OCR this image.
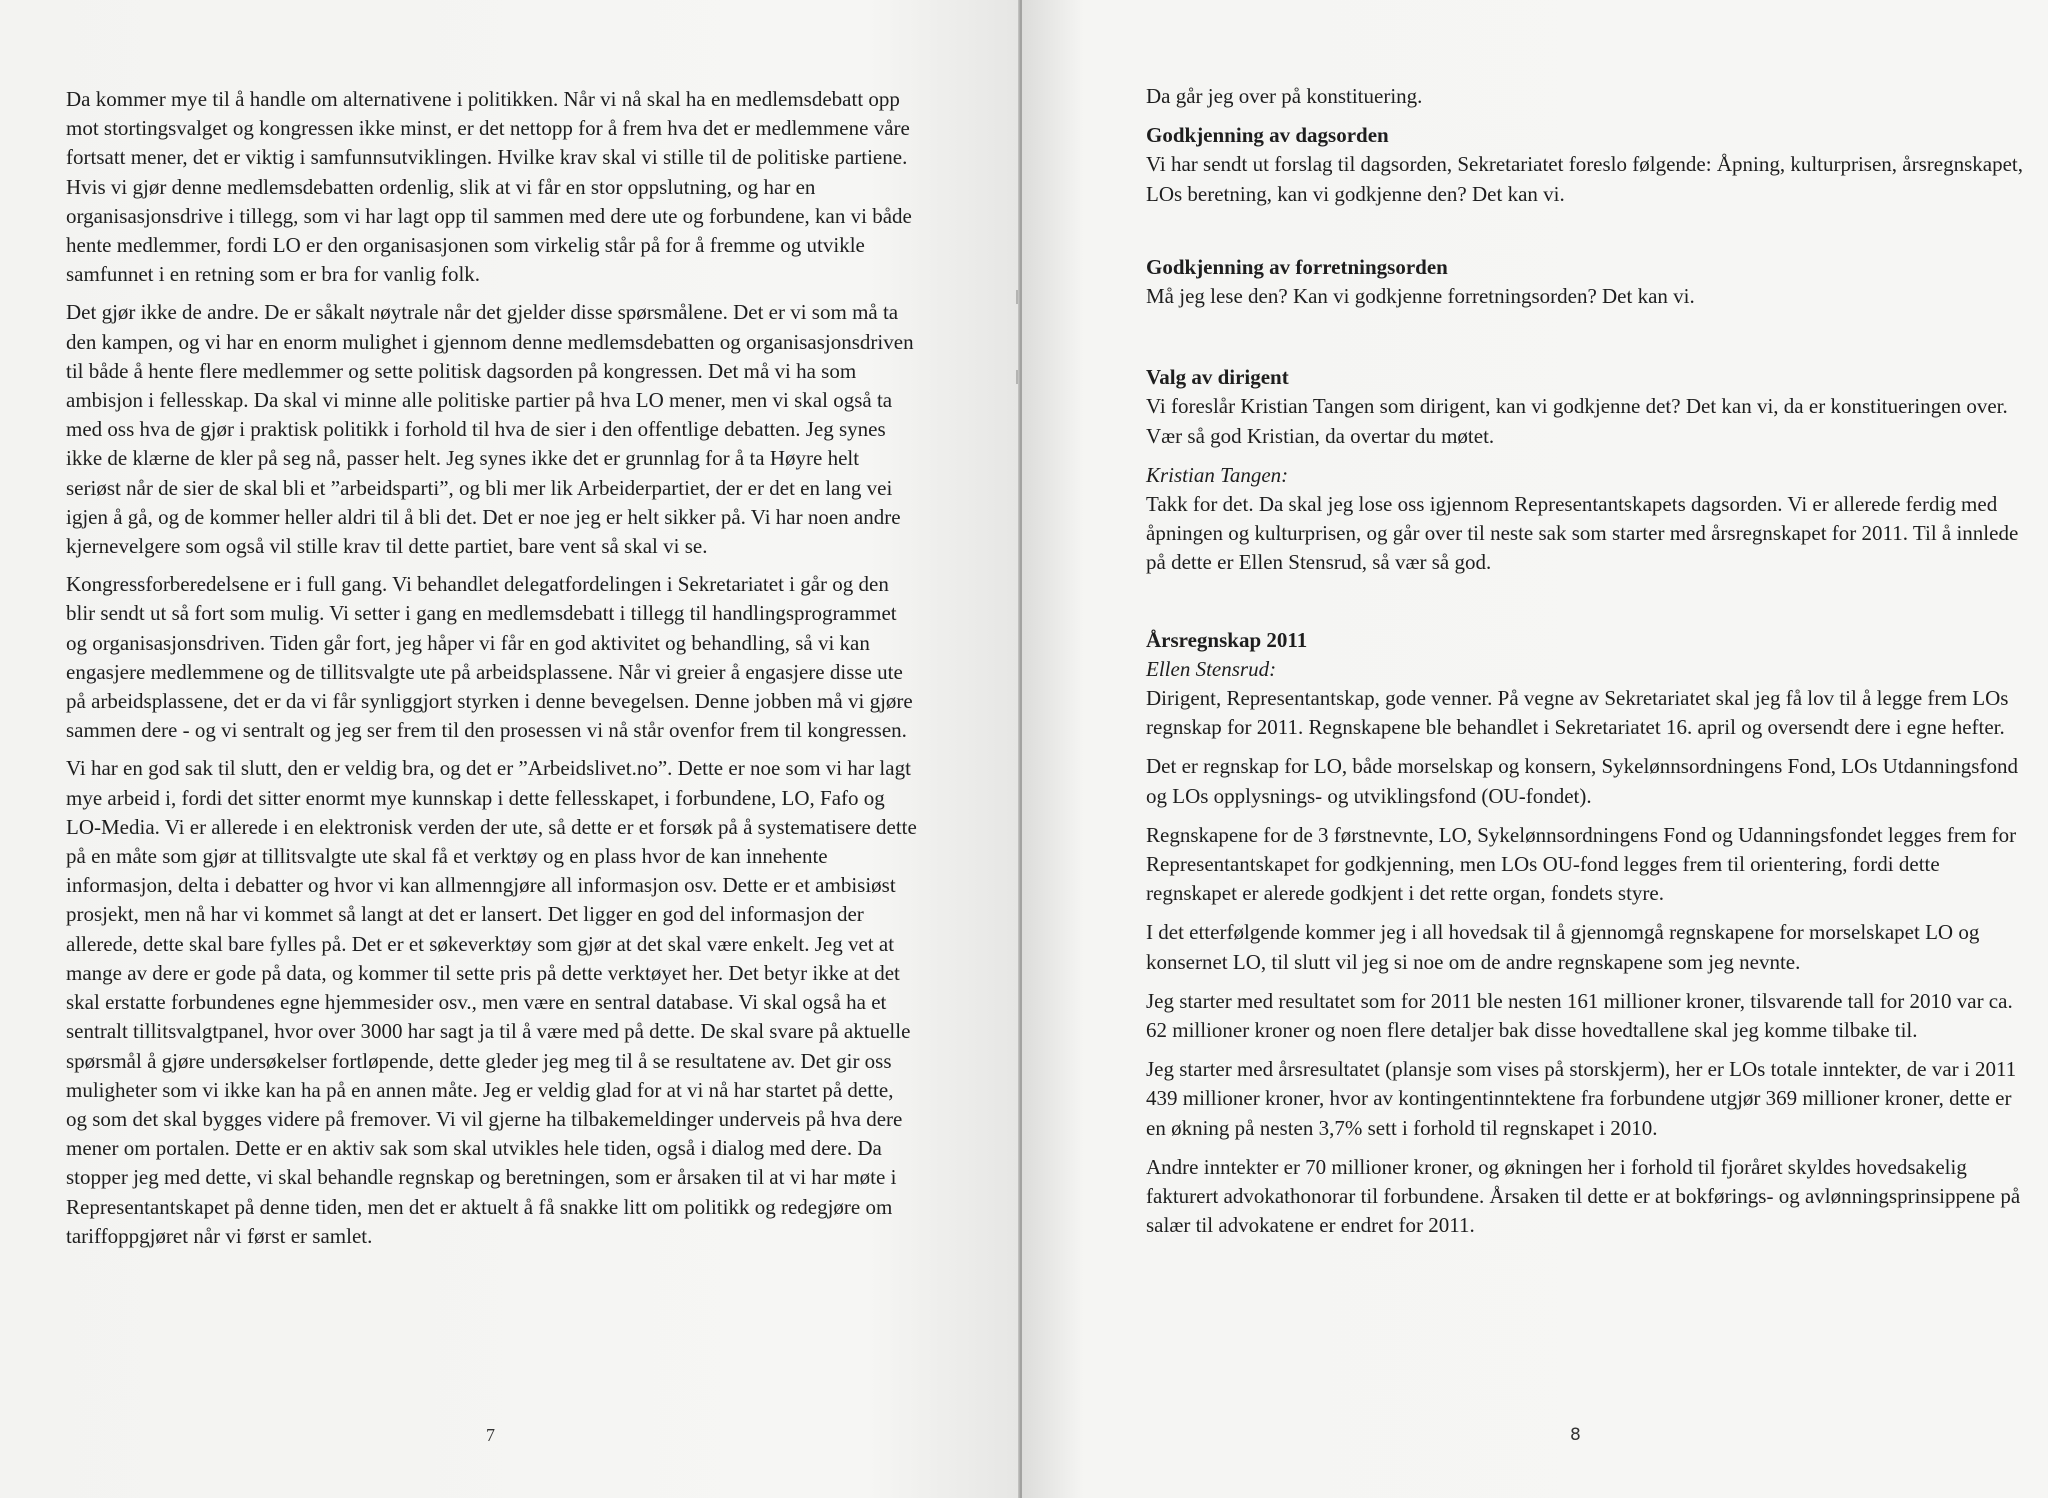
Da kommer mye til å handle om alternativene i politikken. Når vi nå skal ha en medlemsdebatt opp mot stortingsvalget og kongressen ikke minst, er det nettopp for å frem hva det er medlemmene våre fortsatt mener, det er viktig i samfunnsutviklingen. Hvilke krav skal vi stille til de politiske partiene. Hvis vi gjør denne medlemsdebatten ordenlig, slik at vi får en stor oppslutning, og har en organisasjonsdrive i tillegg, som vi har lagt opp til sammen med dere ute og forbundene, kan vi både hente medlemmer, fordi LO er den organisasjonen som virkelig står på for å fremme og utvikle samfunnet i en retning som er bra for vanlig folk.

Det gjør ikke de andre. De er såkalt nøytrale når det gjelder disse spørsmålene. Det er vi som må ta den kampen, og vi har en enorm mulighet i gjennom denne medlemsdebatten og organisasjonsdriven til både å hente flere medlemmer og sette politisk dagsorden på kongressen. Det må vi ha som ambisjon i fellesskap. Da skal vi minne alle politiske partier på hva LO mener, men vi skal også ta med oss hva de gjør i praktisk politikk i forhold til hva de sier i den offentlige debatten. Jeg synes ikke de klærne de kler på seg nå, passer helt. Jeg synes ikke det er grunnlag for å ta Høyre helt seriøst når de sier de skal bli et ”arbeidsparti”, og bli mer lik Arbeiderpartiet, der er det en lang vei igjen å gå, og de kommer heller aldri til å bli det. Det er noe jeg er helt sikker på. Vi har noen andre kjernevelgere som også vil stille krav til dette partiet, bare vent så skal vi se.

Kongressforberedelsene er i full gang. Vi behandlet delegatfordelingen i Sekretariatet i går og den blir sendt ut så fort som mulig. Vi setter i gang en medlemsdebatt i tillegg til handlingsprogrammet og organisasjonsdriven. Tiden går fort, jeg håper vi får en god aktivitet og behandling, så vi kan engasjere medlemmene og de tillitsvalgte ute på arbeidsplassene. Når vi greier å engasjere disse ute på arbeidsplassene, det er da vi får synliggjort styrken i denne bevegelsen. Denne jobben må vi gjøre sammen dere - og vi sentralt og jeg ser frem til den prosessen vi nå står ovenfor frem til kongressen.

Vi har en god sak til slutt, den er veldig bra, og det er ”Arbeidslivet.no”. Dette er noe som vi har lagt mye arbeid i, fordi det sitter enormt mye kunnskap i dette fellesskapet, i forbundene, LO, Fafo og LO-Media. Vi er allerede i en elektronisk verden der ute, så dette er et forsøk på å systematisere dette på en måte som gjør at tillitsvalgte ute skal få et verktøy og en plass hvor de kan innehente informasjon, delta i debatter og hvor vi kan allmenngjøre all informasjon osv. Dette er et ambisiøst prosjekt, men nå har vi kommet så langt at det er lansert. Det ligger en god del informasjon der allerede, dette skal bare fylles på. Det er et søkeverktøy som gjør at det skal være enkelt. Jeg vet at mange av dere er gode på data, og kommer til sette pris på dette verktøyet her. Det betyr ikke at det skal erstatte forbundenes egne hjemmesider osv., men være en sentral database. Vi skal også ha et sentralt tillitsvalgtpanel, hvor over 3000 har sagt ja til å være med på dette. De skal svare på aktuelle spørsmål å gjøre undersøkelser fortløpende, dette gleder jeg meg til å se resultatene av. Det gir oss muligheter som vi ikke kan ha på en annen måte. Jeg er veldig glad for at vi nå har startet på dette, og som det skal bygges videre på fremover. Vi vil gjerne ha tilbakemeldinger underveis på hva dere mener om portalen. Dette er en aktiv sak som skal utvikles hele tiden, også i dialog med dere. Da stopper jeg med dette, vi skal behandle regnskap og beretningen, som er årsaken til at vi har møte i Representantskapet på denne tiden, men det er aktuelt å få snakke litt om politikk og redegjøre om tariffoppgjøret når vi først er samlet.

7

Da går jeg over på konstituering.

Godkjenning av dagsorden

Vi har sendt ut forslag til dagsorden, Sekretariatet foreslo følgende: Åpning, kulturprisen, årsregnskapet, LOs beretning, kan vi godkjenne den? Det kan vi.

Godkjenning av forretningsorden

Må jeg lese den? Kan vi godkjenne forretningsorden? Det kan vi.

Valg av dirigent

Vi foreslår Kristian Tangen som dirigent, kan vi godkjenne det? Det kan vi, da er konstitueringen over. Vær så god Kristian, da overtar du møtet.

Kristian Tangen:

Takk for det. Da skal jeg lose oss igjennom Representantskapets dagsorden. Vi er allerede ferdig med åpningen og kulturprisen, og går over til neste sak som starter med årsregnskapet for 2011. Til å innlede på dette er Ellen Stensrud, så vær så god.

Årsregnskap 2011

Ellen Stensrud:

Dirigent, Representantskap, gode venner. På vegne av Sekretariatet skal jeg få lov til å legge frem LOs regnskap for 2011. Regnskapene ble behandlet i Sekretariatet 16. april og oversendt dere i egne hefter.

Det er regnskap for LO, både morselskap og konsern, Sykelønnsordningens Fond, LOs Utdanningsfond og LOs opplysnings- og utviklingsfond (OU-fondet).

Regnskapene for de 3 førstnevnte, LO, Sykelønnsordningens Fond og Udanningsfondet legges frem for Representantskapet for godkjenning, men LOs OU-fond legges frem til orientering, fordi dette regnskapet er alerede godkjent i det rette organ, fondets styre.

I det etterfølgende kommer jeg i all hovedsak til å gjennomgå regnskapene for morselskapet LO og konsernet LO, til slutt vil jeg si noe om de andre regnskapene som jeg nevnte.

Jeg starter med resultatet som for 2011 ble nesten 161 millioner kroner, tilsvarende tall for 2010 var ca. 62 millioner kroner og noen flere detaljer bak disse hovedtallene skal jeg komme tilbake til.

Jeg starter med årsresultatet (plansje som vises på storskjerm), her er LOs totale inntekter, de var i 2011 439 millioner kroner, hvor av kontingentinntektene fra forbundene utgjør 369 millioner kroner, dette er en økning på nesten 3,7% sett i forhold til regnskapet i 2010.

Andre inntekter er 70 millioner kroner, og økningen her i forhold til fjoråret skyldes hovedsakelig fakturert advokathonorar til forbundene. Årsaken til dette er at bokførings- og avlønningsprinsippene på salær til advokatene er endret for 2011.

8
